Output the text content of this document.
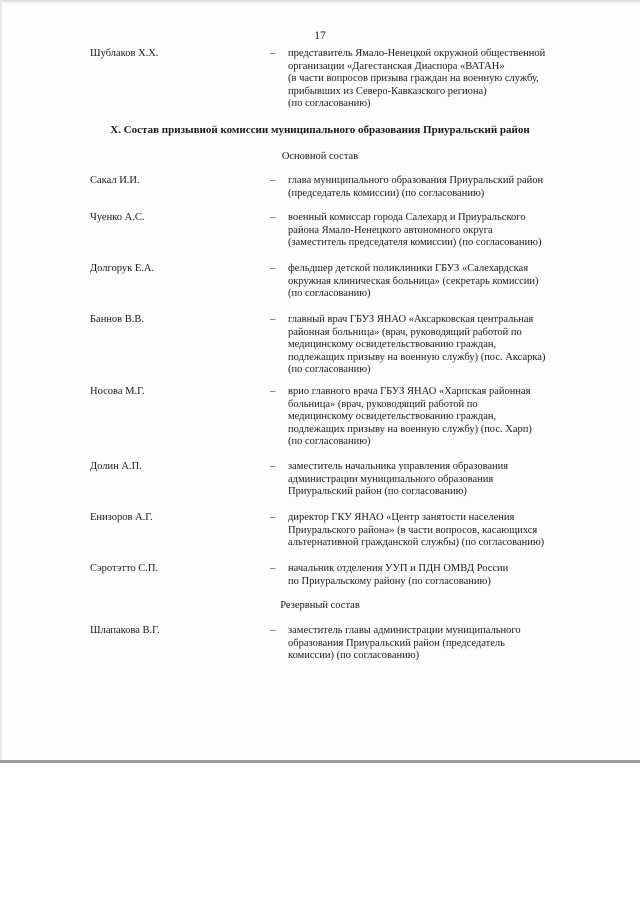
17
Шублаков Х.Х.	– представитель Ямало-Ненецкой окружной общественной
организации «Дагестанская Диаспора «ВАТАН»
(в части вопросов призыва граждан на военную службу,
прибывших из Северо-Кавказского региона)
(по согласованию)
X. Состав призывной комиссии муниципального образования Приуральский район
Основной состав
Сакал И.И.	– глава муниципального образования Приуральский район
(председатель комиссии) (по согласованию)
Чуенко А.С.	– военный комиссар города Салехард и Приуральского
района Ямало-Ненецкого автономного округа
(заместитель председателя комиссии) (по согласованию)
Долгорук Е.А.	– фельдшер детской поликлиники ГБУЗ «Салехардская
окружная клиническая больница» (секретарь комиссии)
(по согласованию)
Баннов В.В.	– главный врач ГБУЗ ЯНАО «Аксарковская центральная
районная больница» (врач, руководящий работой по
медицинскому освидетельствованию граждан,
подлежащих призыву на военную службу) (пос. Аксарка)
(по согласованию)
Носова М.Г.	– врио главного врача ГБУЗ ЯНАО «Харпская районная
больница» (врач, руководящий работой по
медицинскому освидетельствованию граждан,
подлежащих призыву на военную службу) (пос. Харп)
(по согласованию)
Долин А.П.	– заместитель начальника управления образования
администрации муниципального образования
Приуральский район (по согласованию)
Енизоров А.Г.	– директор ГКУ ЯНАО «Центр занятости населения
Приуральского района» (в части вопросов, касающихся
альтернативной гражданской службы) (по согласованию)
Сэротэтто С.П.	– начальник отделения УУП и ПДН ОМВД России
по Приуральскому району (по согласованию)
Резервный состав
Шлапакова В.Г.	– заместитель главы администрации муниципального
образования Приуральский район (председатель
комиссии) (по согласованию)
